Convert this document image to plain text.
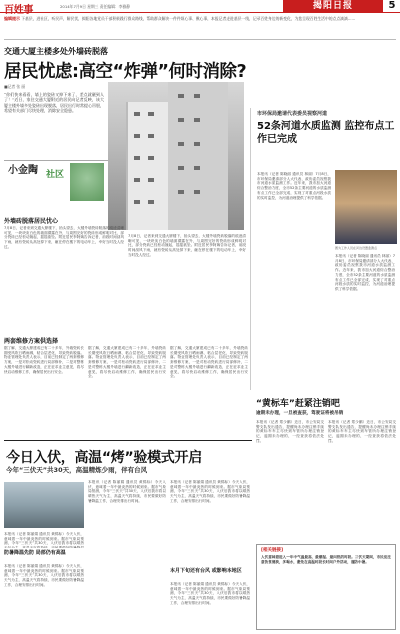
百姓事	2014年7月9日 星期三 责任编辑：李雅静	揭阳日报	5
编辑提示 下基层，进社区，听民声，解民忧，揭阳各地党员干部积极践行群众路线，帮助群众解决一件件烦心事、揪心事，本报记者走进基层一线，记录百姓身边的新变化，为您呈现百姓生活中的点点滴滴……
交通大厦主楼多处外墙砖脱落
居民忧虑:高空“炸弹”何时消除?
■记者 张 丽
“你们快来看看，墙上的瓷砖又掉下来了，差点就砸到人了！”近日，家住交通大厦附近的居民向记者反映，该大厦主楼外墙多处瓷砖出现脱落，居民出行时常提心吊胆，希望有关部门尽快处理，消除安全隐患。
小金陶 社区
外墙砖脱落居民忧心
7月8日，记者来到交通大厦楼下，抬头望去，大楼外墙瓷砖脱落的痕迹清晰可见，一块块灰白色的墙面裸露在外，与周围完好的瓷砖形成鲜明对比，部分瓷砖已经松动翘起，摇摇欲坠。附近居民李阿姨告诉记者，前段时间刮风下雨，就有瓷砖从高处掉下来，砸在停在楼下的电动车上，幸好当时没人经过。
7月8日，记者来到交通大厦楼下，抬头望去，大楼外墙瓷砖脱落的痕迹清晰可见，一块块灰白色的墙面裸露在外，与周围完好的瓷砖形成鲜明对比，部分瓷砖已经松动翘起，摇摇欲坠。附近居民李阿姨告诉记者，前段时间刮风下雨，就有瓷砖从高处掉下来，砸在停在楼下的电动车上，幸好当时没人经过。
两套维修方案供选择
据了解，交通大厦建成已有二十多年，外墙瓷砖长期受风吹日晒雨淋，粘合层老化，导致瓷砖脱落。物业管理处负责人表示，目前已经制定了两套维修方案，一是对松动瓷砖进行局部修补，二是对整栋大楼外墙进行翻新改造，正在征求业主意见，将尽快启动维修工作，确保居民出行安全。
据了解，交通大厦建成已有二十多年，外墙瓷砖长期受风吹日晒雨淋，粘合层老化，导致瓷砖脱落。物业管理处负责人表示，目前已经制定了两套维修方案，一是对松动瓷砖进行局部修补，二是对整栋大楼外墙进行翻新改造，正在征求业主意见，将尽快启动维修工作，确保居民出行安全。
据了解，交通大厦建成已有二十多年，外墙瓷砖长期受风吹日晒雨淋，粘合层老化，导致瓷砖脱落。物业管理处负责人表示，目前已经制定了两套维修方案，一是对松动瓷砖进行局部修补，二是对整栋大楼外墙进行翻新改造，正在征求业主意见，将尽快启动维修工作，确保居民出行安全。
市环保局邀请代表委员视察河道
52条河道水质监测 监控布点工作已完成
本报讯（记者 陈晓丽 通讯员 林丽）7月8日，市环保局邀请部分人大代表、政协委员视察我市河道水质监测工作。近年来，我市加大河道综合整治力度，全市52条主要河道的水质监测布点工作已全部完成，实现了对重点河段水质的实时监控，为河道治理提供了科学依据。
图为工作人员在河边设置监测点
本报讯（记者 陈晓丽 通讯员 林丽）7月8日，市环保局邀请部分人大代表、政协委员视察我市河道水质监测工作。近年来，我市加大河道综合整治力度，全市52条主要河道的水质监测布点工作已全部完成，实现了对重点河段水质的实时监控，为河道治理提供了科学依据。
“黄标车”赶紧注销吧
逾期未办理，一旦被查获，驾驶证将被吊销
本报讯（记者 郑少鹏）近日，市公安局交警支队发出通告，提醒尚未办理注销手续的黄标车车主尽快到车管所办理注销登记，逾期未办理的，一经查获将依法处罚。
本报讯（记者 郑少鹏）近日，市公安局交警支队发出通告，提醒尚未办理注销手续的黄标车车主尽快到车管所办理注销登记，逾期未办理的，一经查获将依法处罚。
今日入伏，高温“烤”验模式开启
今年“三伏天”共30天，高温精炼少雨，伴有台风
本报讯（记者 陈丽娟 通讯员 黄锦标）今天入伏，意味着一年中最炎热的时候到来。据市气象局预测，今年“三伏天”共30天，入伏后我市将以晴热
防暑降温先防 局部仍有高温
本报讯（记者 陈丽娟 通讯员 黄锦标）今天入伏，意味着一年中最炎热的时候到来。据市气象局预测，今年“三伏天”共30天，入伏后我市将以晴热天气为主，高温天气将持续，市民要做好防暑降温工作，合理安排出行时间。
本报讯（记者 陈丽娟 通讯员 黄锦标）今天入伏，意味着一年中最炎热的时候到来。据市气象局预测，今年“三伏天”共30天，入伏后我市将以晴热天气为主，高温天气将持续，市民要做好防暑降温工作，合理安排出行时间。
本报讯（记者 陈丽娟 通讯员 黄锦标）今天入伏，意味着一年中最炎热的时候到来。据市气象局预测，今年“三伏天”共30天，入伏后我市将以晴热天气为主，高温天气将持续，市民要做好防暑降温工作，合理安排出行时间。
本月下旬还有台风 或影响本地区
本报讯（记者 陈丽娟 通讯员 黄锦标）今天入伏，意味着一年中最炎热的时候到来。据市气象局预测，今年“三伏天”共30天，入伏后我市将以晴热天气为主，高温天气将持续，市民要做好防暑降温工作，合理安排出行时间。
[相关链接]
入伏意味着进入一年中气温最高、最潮湿、最闷热的时段。三伏天期间，市民应注意饮食清淡，多喝水，避免在高温时段长时间户外活动，谨防中暑。
